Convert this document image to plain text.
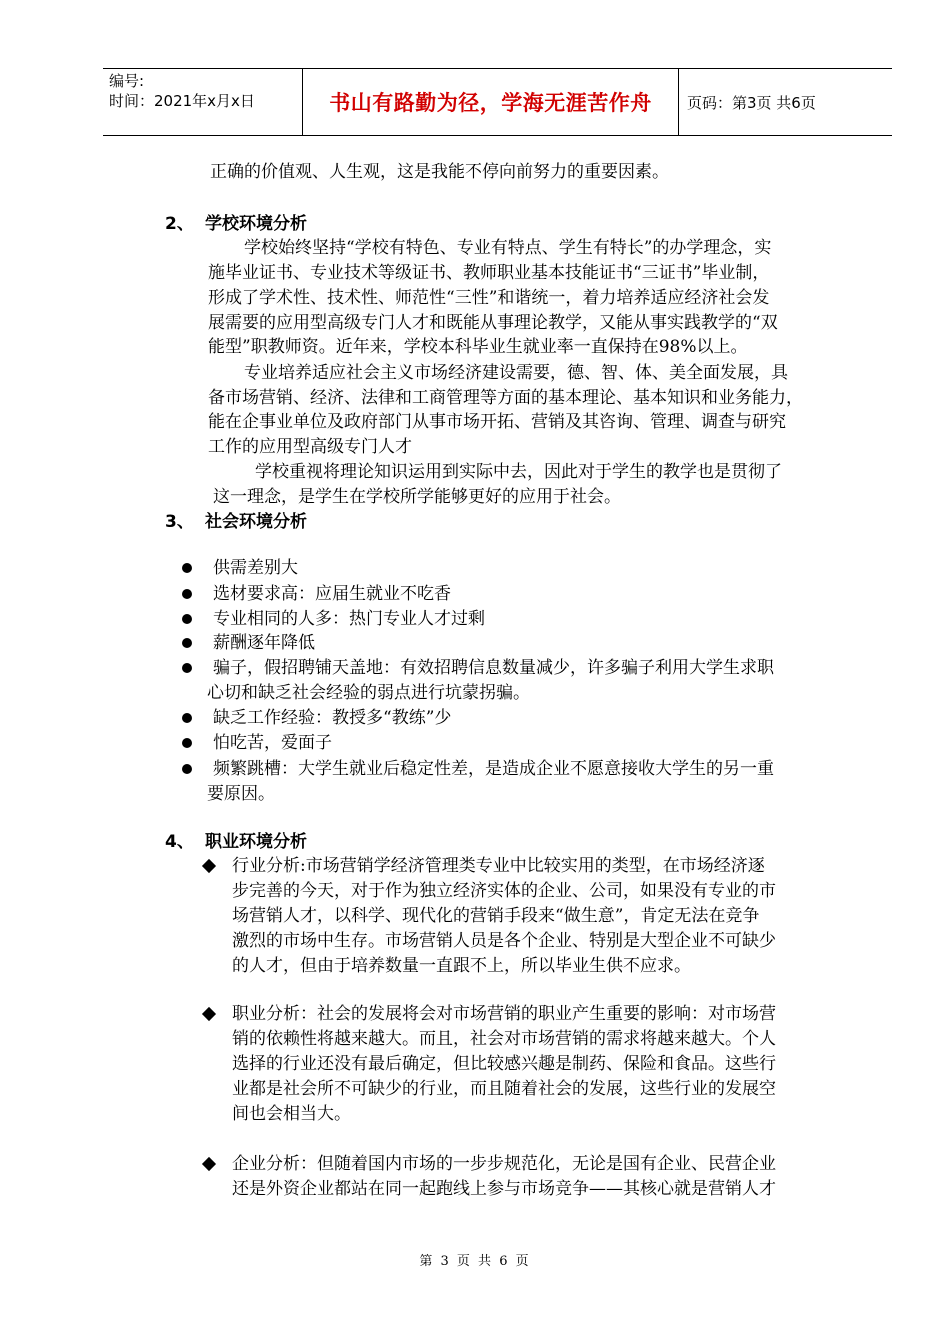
编号:
时间：2021年x月x日	书山有路勤为径，学海无涯苦作舟	页码：第3页 共6页
正确的价值观、人生观，这是我能不停向前努力的重要因素。
2、 学校环境分析
学校始终坚持“学校有特色、专业有特点、学生有特长”的办学理念，实
施毕业证书、专业技术等级证书、教师职业基本技能证书“三证书”毕业制，
形成了学术性、技术性、师范性“三性”和谐统一，着力培养适应经济社会发
展需要的应用型高级专门人才和既能从事理论教学，又能从事实践教学的“双
能型”职教师资。近年来，学校本科毕业生就业率一直保持在98%以上。
专业培养适应社会主义市场经济建设需要，德、智、体、美全面发展，具
备市场营销、经济、法律和工商管理等方面的基本理论、基本知识和业务能力，
能在企事业单位及政府部门从事市场开拓、营销及其咨询、管理、调查与研究
工作的应用型高级专门人才
学校重视将理论知识运用到实际中去，因此对于学生的教学也是贯彻了
这一理念，是学生在学校所学能够更好的应用于社会。
3、 社会环境分析
供需差别大
选材要求高：应届生就业不吃香
专业相同的人多：热门专业人才过剩
薪酬逐年降低
骗子，假招聘铺天盖地：有效招聘信息数量减少，许多骗子利用大学生求职
心切和缺乏社会经验的弱点进行坑蒙拐骗。
缺乏工作经验：教授多“教练”少
怕吃苦，爱面子
频繁跳槽：大学生就业后稳定性差，是造成企业不愿意接收大学生的另一重
要原因。
4、 职业环境分析
行业分析:市场营销学经济管理类专业中比较实用的类型，在市场经济逐
步完善的今天，对于作为独立经济实体的企业、公司，如果没有专业的市
场营销人才，以科学、现代化的营销手段来“做生意”，肯定无法在竞争
激烈的市场中生存。市场营销人员是各个企业、特别是大型企业不可缺少
的人才，但由于培养数量一直跟不上，所以毕业生供不应求。
职业分析：社会的发展将会对市场营销的职业产生重要的影响：对市场营
销的依赖性将越来越大。而且，社会对市场营销的需求将越来越大。个人
选择的行业还没有最后确定，但比较感兴趣是制药、保险和食品。这些行
业都是社会所不可缺少的行业，而且随着社会的发展，这些行业的发展空
间也会相当大。
企业分析：但随着国内市场的一步步规范化，无论是国有企业、民营企业
还是外资企业都站在同一起跑线上参与市场竞争——其核心就是营销人才
第 3 页 共 6 页
